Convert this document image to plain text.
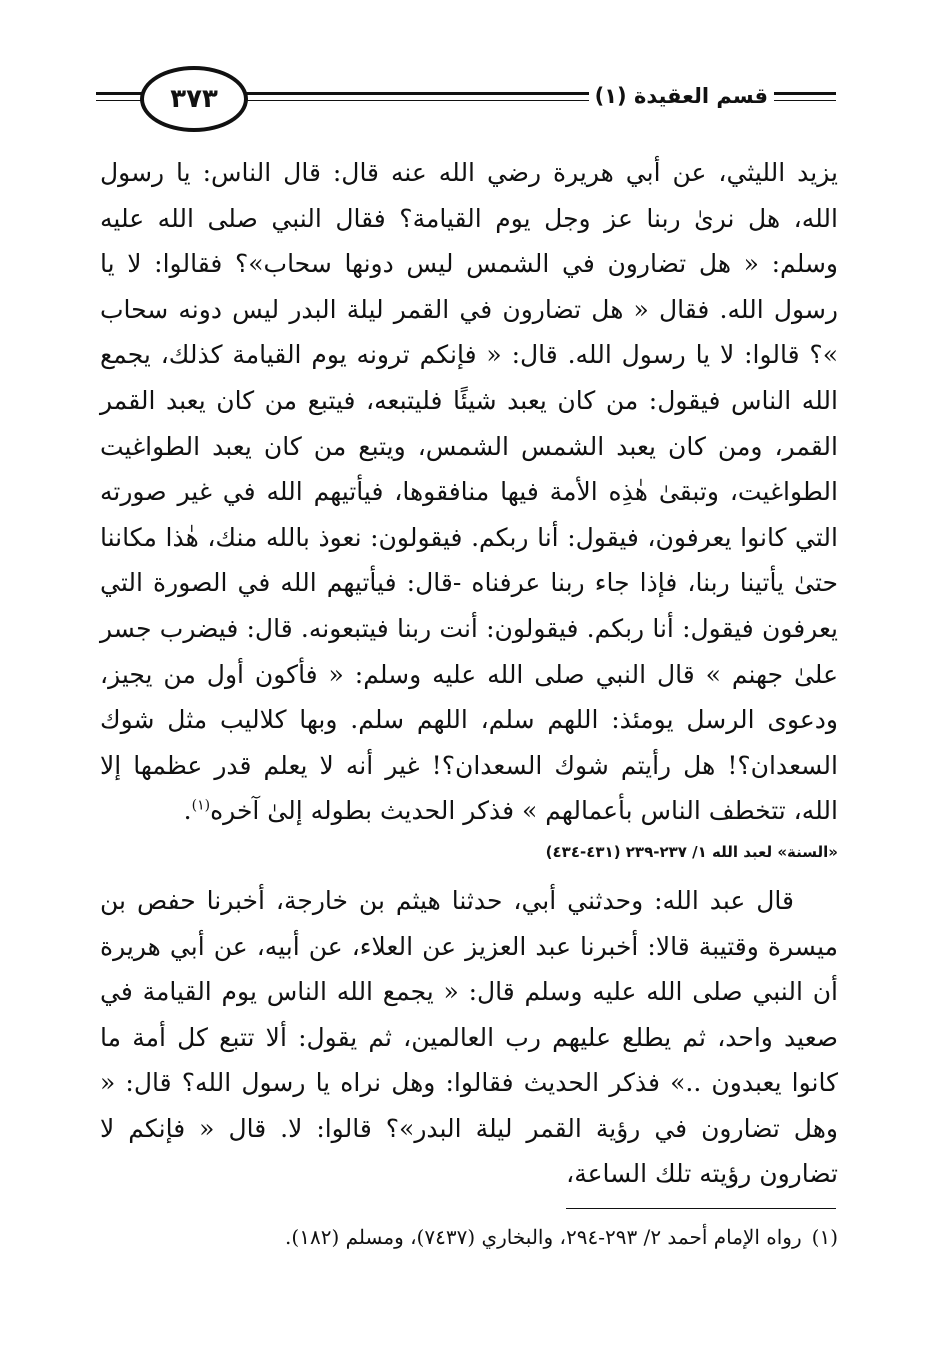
٣٧٣	قسم العقيدة (١)

يزيد الليثي، عن أبي هريرة رضي الله عنه قال: قال الناس: يا رسول الله، هل نرىٰ ربنا عز وجل يوم القيامة؟ فقال النبي صلى الله عليه وسلم: « هل تضارون في الشمس ليس دونها سحاب»؟ فقالوا: لا يا رسول الله. فقال « هل تضارون في القمر ليلة البدر ليس دونه سحاب »؟ قالوا: لا يا رسول الله. قال: « فإنكم ترونه يوم القيامة كذلك، يجمع الله الناس فيقول: من كان يعبد شيئًا فليتبعه، فيتبع من كان يعبد القمر القمر، ومن كان يعبد الشمس الشمس، ويتبع من كان يعبد الطواغيت الطواغيت، وتبقىٰ هٰذِه الأمة فيها منافقوها، فيأتيهم الله في غير صورته التي كانوا يعرفون، فيقول: أنا ربكم. فيقولون: نعوذ بالله منك، هٰذا مكاننا حتىٰ يأتينا ربنا، فإذا جاء ربنا عرفناه -قال: فيأتيهم الله في الصورة التي يعرفون فيقول: أنا ربكم. فيقولون: أنت ربنا فيتبعونه. قال: فيضرب جسر علىٰ جهنم » قال النبي صلى الله عليه وسلم: « فأكون أول من يجيز، ودعوى الرسل يومئذ: اللهم سلم، اللهم سلم. وبها كلاليب مثل شوك السعدان؟! هل رأيتم شوك السعدان؟! غير أنه لا يعلم قدر عظمها إلا الله، تتخطف الناس بأعمالهم » فذكر الحديث بطوله إلىٰ آخره$^{(١)}$.

«السنة» لعبد الله ١/ ٢٣٧-٢٣٩ (٤٣١-٤٣٤)

قال عبد الله: وحدثني أبي، حدثنا هيثم بن خارجة، أخبرنا حفص بن ميسرة وقتيبة قالا: أخبرنا عبد العزيز عن العلاء، عن أبيه، عن أبي هريرة أن النبي صلى الله عليه وسلم قال: « يجمع الله الناس يوم القيامة في صعيد واحد، ثم يطلع عليهم رب العالمين، ثم يقول: ألا تتبع كل أمة ما كانوا يعبدون ..» فذكر الحديث فقالوا: وهل نراه يا رسول الله؟ قال: « وهل تضارون في رؤية القمر ليلة البدر»؟ قالوا: لا. قال « فإنكم لا تضارون رؤيته تلك الساعة،

(١)رواه الإمام أحمد ٢/ ٢٩٣-٢٩٤، والبخاري (٧٤٣٧)، ومسلم (١٨٢).
